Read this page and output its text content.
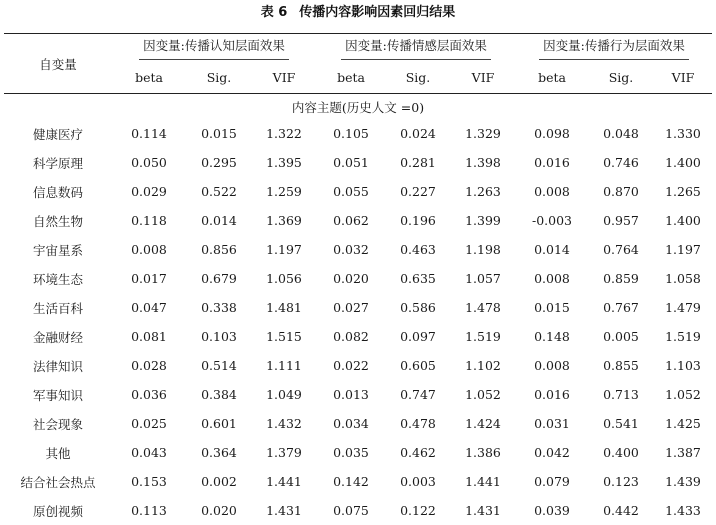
表 6 传播内容影响因素回归结果
自变量	因变量:传播认知层面效果			因变量:传播情感层面效果			因变量:传播行为层面效果		
	beta	Sig.	VIF	beta	Sig.	VIF	beta	Sig.	VIF
内容主题(历史人文 =0)									
健康医疗	0.114	0.015	1.322	0.105	0.024	1.329	0.098	0.048	1.330
科学原理	0.050	0.295	1.395	0.051	0.281	1.398	0.016	0.746	1.400
信息数码	0.029	0.522	1.259	0.055	0.227	1.263	0.008	0.870	1.265
自然生物	0.118	0.014	1.369	0.062	0.196	1.399	-0.003	0.957	1.400
宇宙星系	0.008	0.856	1.197	0.032	0.463	1.198	0.014	0.764	1.197
环境生态	0.017	0.679	1.056	0.020	0.635	1.057	0.008	0.859	1.058
生活百科	0.047	0.338	1.481	0.027	0.586	1.478	0.015	0.767	1.479
金融财经	0.081	0.103	1.515	0.082	0.097	1.519	0.148	0.005	1.519
法律知识	0.028	0.514	1.111	0.022	0.605	1.102	0.008	0.855	1.103
军事知识	0.036	0.384	1.049	0.013	0.747	1.052	0.016	0.713	1.052
社会现象	0.025	0.601	1.432	0.034	0.478	1.424	0.031	0.541	1.425
其他	0.043	0.364	1.379	0.035	0.462	1.386	0.042	0.400	1.387
结合社会热点	0.153	0.002	1.441	0.142	0.003	1.441	0.079	0.123	1.439
原创视频	0.113	0.020	1.431	0.075	0.122	1.431	0.039	0.442	1.433
